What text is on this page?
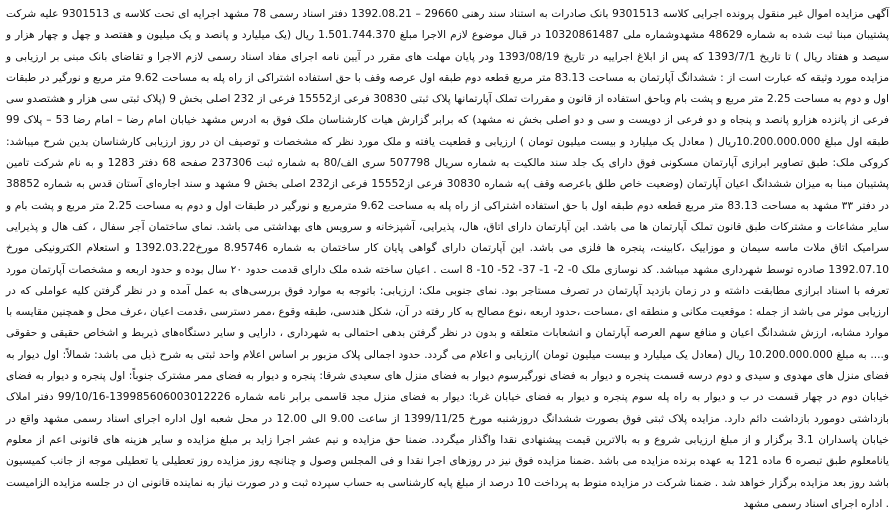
آگهی مزایده اموال غیر منقول پرونده اجرایی کلاسه 9301513 بانک صادرات به استناد سند رهنی 29660 – 1392.08.21 دفتر اسناد رسمی 78 مشهد اجرایه ای تحت کلاسه ی 9301513 علیه شرکت پشتیبان مبنا ثبت شده به شماره 48629 مشهدوشماره ملی 10320861487 در قبال موضوع لازم الاجرا مبلغ 1.501.744.370 ریال (یک میلیارد و پانصد و یک میلیون و هفتصد و چهل و چهار هزار و سیصد و هفتاد ریال ) تا تاریخ 1393/7/1 که پس از ابلاغ اجراییه در تاریخ 1393/08/19 ودر پایان مهلت های مقرر در آیین نامه اجرای مفاد اسناد رسمی لازم الاجرا و تقاضای بانک مبنی بر ارزیابی و مزایده مورد وثیقه که عبارت است از : ششدانگ آپارتمان به مساحت 83.13 متر مربع قطعه دوم طبقه اول عرصه وقف با حق استفاده اشتراکی از راه پله به مساحت 9.62 متر مربع و نورگیر در طبقات اول و دوم به مساحت 2.25 متر مربع و پشت بام وباحق استفاده از قانون و مقررات تملک آپارتمانها پلاک ثبتی 30830 فرعی از15552 فرعی از 232 اصلی بخش 9 (پلاک ثبتی سی هزار و هشتصدو سی فرعی از پانزده هزارو پانصد و پنجاه و دو فرعی از دویست و سی و دو اصلی بخش نه مشهد) که برابر گزارش هیات کارشناسان ملک فوق به ادرس مشهد خیابان امام رضا – امام رضا 53 – پلاک 99 طبقه اول مبلغ 10.200.000.000ریال ( معادل یک میلیارد و بیست میلیون تومان ) ارزیابی و قطعیت یافته و ملک مورد نظر که مشخصات و توصیف ان در روز ارزیابی کارشناسان بدین شرح میباشد: کروکی ملک: طبق تصاویر ابرازی آپارتمان مسکونی فوق دارای یک جلد سند مالکیت به شماره سریال 507798 سری الف/80 به شماره ثبت 237306 صفحه 68 دفتر 1283 و به نام شرکت تامین پشتیبان مبنا به میزان ششدانگ اعیان آپارتمان (وضعیت خاص طلق باعرصه وقف )به شماره 30830 فرعی از15552 فرعی از232 اصلی بخش 9 مشهد و سند اجاره‌ای آستان قدس به شماره 38852 در دفتر ۳۳ مشهد به مساحت 83.13 متر مربع قطعه دوم طبقه اول با حق استفاده اشتراکی از راه پله به مساحت 9.62 مترمربع و نورگیر در طبقات اول و دوم به مساحت 2.25 متر مربع و پشت بام و سایر مشاعات و مشترکات طبق قانون تملک آپارتمان ها می باشد. این آپارتمان دارای اتاق، هال، پذیرایی، آشپزخانه و سرویس های بهداشتی می باشد. نمای ساختمان آجر سفال ، کف هال و پذیرایی سرامیک اتاق ملات ماسه سیمان و موزاییک ،کابینت، پنجره ها فلزی می باشد. این آپارتمان دارای گواهی پایان کار ساختمان به شماره 8.95746 مورخ1392.03.22 و استعلام الکترونیکی مورخ 1392.07.10 صادره توسط شهرداری مشهد میباشد. کد نوسازی ملک 0- 2- 1- 37- 52- 10- 8 است . اعیان ساخته شده ملک دارای قدمت حدود ۲۰ سال بوده و حدود اربعه و مشخصات آپارتمان مورد تعرفه با اسناد ابرازی مطابقت داشته و در زمان بازدید آپارتمان در تصرف مستاجر بود. نمای جنوبی ملک: ارزیابی: باتوجه به موارد فوق بررسی‌های به عمل آمده و در نظر گرفتن کلیه عواملی که در ارزیابی موثر می باشد از جمله : موقعیت مکانی و منطقه ای ،مساحت ،حدود اربعه ،نوع مصالح به کار رفته در آن، شکل هندسی، طبقه وقوع ،ممر دسترسی ،قدمت اعیان ،عرف محل و همچنین مقایسه با موارد مشابه، ارزش ششدانگ اعیان و منافع سهم العرصه آپارتمان و انشعابات متعلقه و بدون در نظر گرفتن بدهی احتمالی به شهرداری ، دارایی و سایر دستگاه‌های ذیربط و اشخاص حقیقی و حقوقی و.... به مبلغ 10.200.000.000 ریال (معادل یک میلیارد و بیست میلیون تومان )ارزیابی و اعلام می گردد. حدود اجمالی پلاک مزبور بر اساس اعلام واحد ثبتی به شرح ذیل می باشد: شمالاً: اول دیوار به فضای منزل های مهدوی و سیدی و دوم درسه قسمت پنجره و دیوار به فضای نورگیرسوم دیوار به فضای منزل های سعیدی شرقا: پنجره و دیوار به فضای ممر مشترک جنوباً: اول پنجره و دیوار به فضای خیابان دوم در چهار قسمت در ب و دیوار به راه پله سوم پنجره و دیوار به فضای خیابان غربا: دیوار به فضای منزل مجد قاسمی برابر نامه شماره 13998560600301222​6-99/10/16 دفتر املاک بازداشتی دومورد بازداشت دائم دارد. مزایده پلاک ثبتی فوق بصورت ششدانگ دروزشنبه مورخ 1399/11/25 از ساعت 9.00 الی 12.00 در محل شعبه اول اداره اجرای اسناد رسمی مشهد واقع در خیابان پاسداران 3.1 برگزار و از مبلغ ارزیابی شروع و به بالاترین قیمت پیشنهادی نقدا واگذار میگردد. ضمنا حق مزایده و نیم عشر اجرا زاید بر مبلغ مزایده و سایر هزینه های قانونی اعم از معلوم یانامعلوم طبق تبصره 6 ماده 121 به عهده برنده مزایده می باشد .ضمنا مزایده فوق نیز در روزهای اجرا نقدا و فی المجلس وصول و چنانچه روز مزایده روز تعطیلی یا تعطیلی موجه از جانب کمیسیون باشد روز بعد مزایده برگزار خواهد شد . ضمنا شرکت در مزایده منوط به پرداخت 10 درصد از مبلغ پایه کارشناسی به حساب سپرده ثبت و در صورت نیاز به نماینده قانونی ان در جلسه مزایده الزامیست . اداره اجرای اسناد رسمی مشهد
